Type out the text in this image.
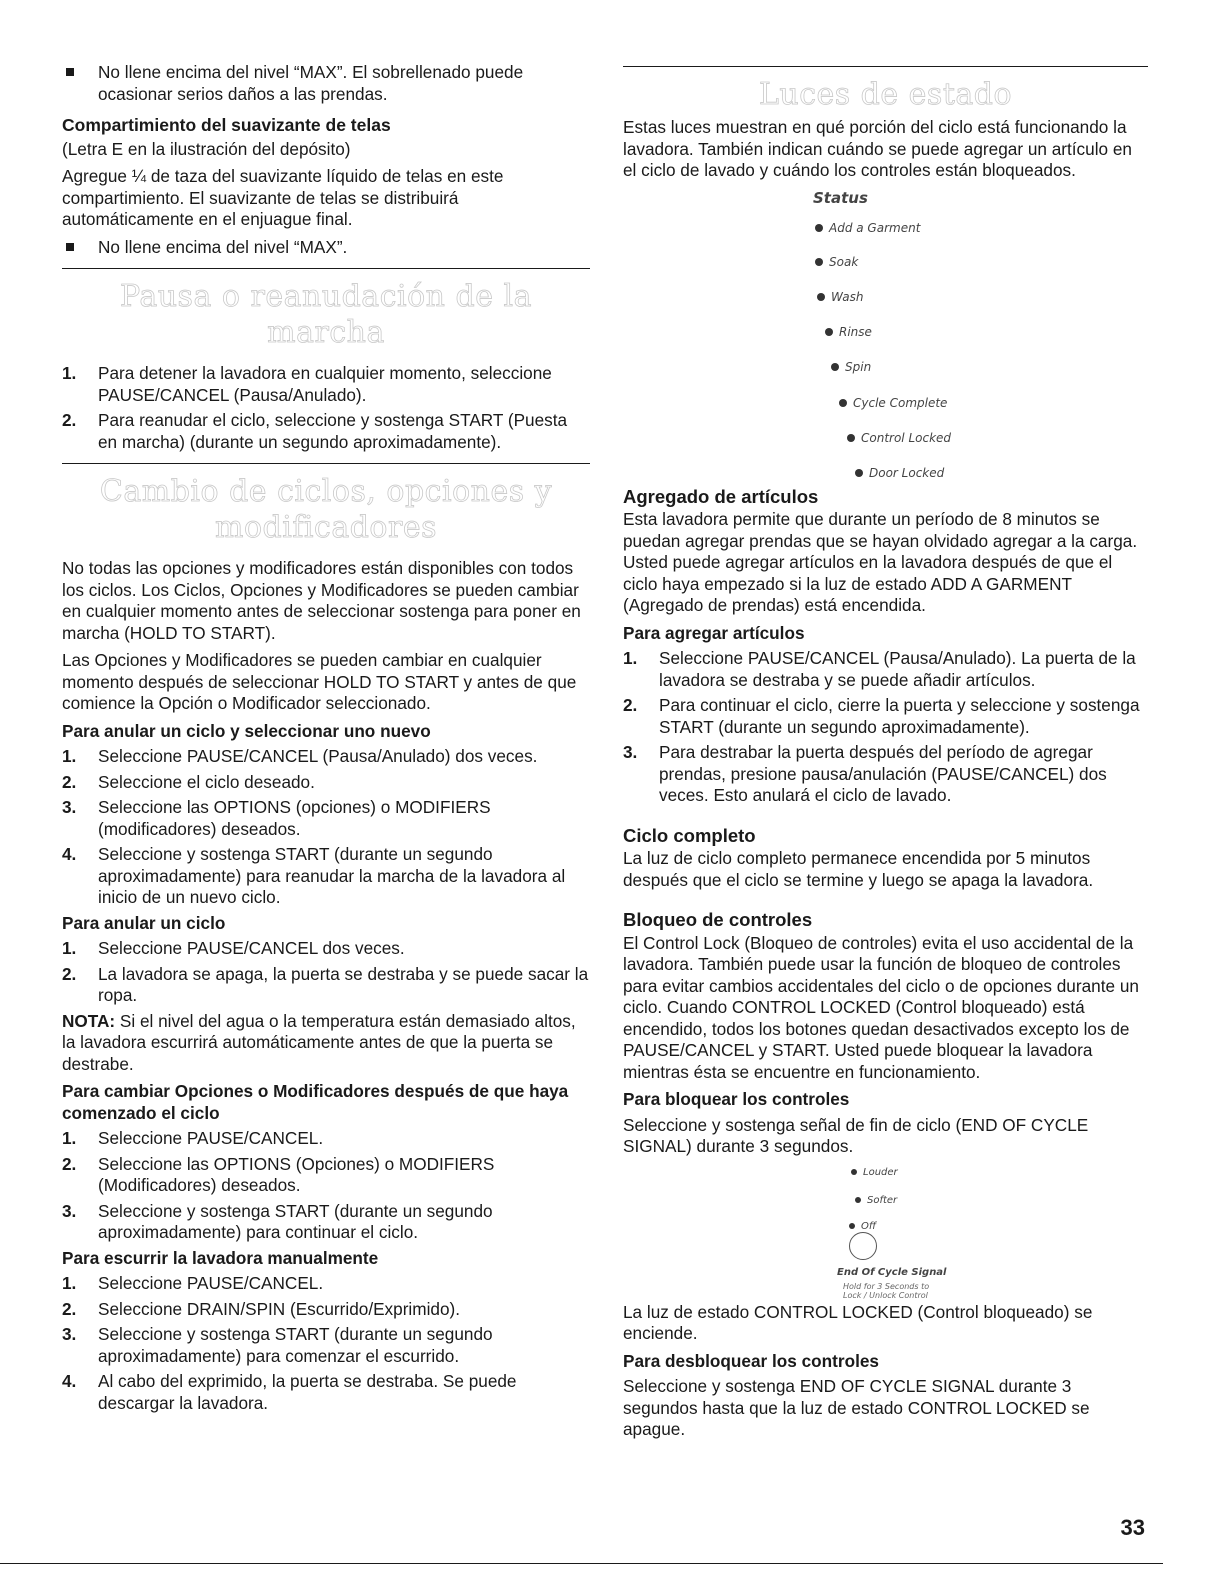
No llene encima del nivel “MAX”. El sobrellenado puede ocasionar serios daños a las prendas.
Compartimiento del suavizante de telas

(Letra E en la ilustración del depósito)

Agregue ¼ de taza del suavizante líquido de telas en este compartimiento. El suavizante de telas se distribuirá automáticamente en el enjuague final.

No llene encima del nivel “MAX”.
Pausa o reanudación de la marcha
1. Para detener la lavadora en cualquier momento, seleccione PAUSE/CANCEL (Pausa/Anulado).
2. Para reanudar el ciclo, seleccione y sostenga START (Puesta en marcha) (durante un segundo aproximadamente).
Cambio de ciclos, opciones y modificadores

No todas las opciones y modificadores están disponibles con todos los ciclos. Los Ciclos, Opciones y Modificadores se pueden cambiar en cualquier momento antes de seleccionar sostenga para poner en marcha (HOLD TO START).

Las Opciones y Modificadores se pueden cambiar en cualquier momento después de seleccionar HOLD TO START y antes de que comience la Opción o Modificador seleccionado.

Para anular un ciclo y seleccionar uno nuevo
1. Seleccione PAUSE/CANCEL (Pausa/Anulado) dos veces.
2. Seleccione el ciclo deseado.
3. Seleccione las OPTIONS (opciones) o MODIFIERS (modificadores) deseados.
4. Seleccione y sostenga START (durante un segundo aproximadamente) para reanudar la marcha de la lavadora al inicio de un nuevo ciclo.
Para anular un ciclo
1. Seleccione PAUSE/CANCEL dos veces.
2. La lavadora se apaga, la puerta se destraba y se puede sacar la ropa.

NOTA: Si el nivel del agua o la temperatura están demasiado altos, la lavadora escurrirá automáticamente antes de que la puerta se destrabe.

Para cambiar Opciones o Modificadores después de que haya comenzado el ciclo
1. Seleccione PAUSE/CANCEL.
2. Seleccione las OPTIONS (Opciones) o MODIFIERS (Modificadores) deseados.
3. Seleccione y sostenga START (durante un segundo aproximadamente) para continuar el ciclo.
Para escurrir la lavadora manualmente
1. Seleccione PAUSE/CANCEL.
2. Seleccione DRAIN/SPIN (Escurrido/Exprimido).
3. Seleccione y sostenga START (durante un segundo aproximadamente) para comenzar el escurrido.
4. Al cabo del exprimido, la puerta se destraba. Se puede descargar la lavadora.
Luces de estado

Estas luces muestran en qué porción del ciclo está funcionando la lavadora. También indican cuándo se puede agregar un artículo en el ciclo de lavado y cuándo los controles están bloqueados.

Status
Add a Garment
Soak
Wash
Rinse
Spin
Cycle Complete
Control Locked
Door Locked
Agregado de artículos

Esta lavadora permite que durante un período de 8 minutos se puedan agregar prendas que se hayan olvidado agregar a la carga. Usted puede agregar artículos en la lavadora después de que el ciclo haya empezado si la luz de estado ADD A GARMENT (Agregado de prendas) está encendida.

Para agregar artículos
1. Seleccione PAUSE/CANCEL (Pausa/Anulado). La puerta de la lavadora se destraba y se puede añadir artículos.
2. Para continuar el ciclo, cierre la puerta y seleccione y sostenga START (durante un segundo aproximadamente).
3. Para destrabar la puerta después del período de agregar prendas, presione pausa/anulación (PAUSE/CANCEL) dos veces. Esto anulará el ciclo de lavado.
Ciclo completo

La luz de ciclo completo permanece encendida por 5 minutos después que el ciclo se termine y luego se apaga la lavadora.

Bloqueo de controles

El Control Lock (Bloqueo de controles) evita el uso accidental de la lavadora. También puede usar la función de bloqueo de controles para evitar cambios accidentales del ciclo o de opciones durante un ciclo. Cuando CONTROL LOCKED (Control bloqueado) está encendido, todos los botones quedan desactivados excepto los de PAUSE/CANCEL y START. Usted puede bloquear la lavadora mientras ésta se encuentre en funcionamiento.

Para bloquear los controles

Seleccione y sostenga señal de fin de ciclo (END OF CYCLE SIGNAL) durante 3 segundos.

Louder
Softer
Off
End Of Cycle Signal
Hold for 3 Seconds to
Lock / Unlock Control

La luz de estado CONTROL LOCKED (Control bloqueado) se enciende.

Para desbloquear los controles

Seleccione y sostenga END OF CYCLE SIGNAL durante 3 segundos hasta que la luz de estado CONTROL LOCKED se apague.

33
